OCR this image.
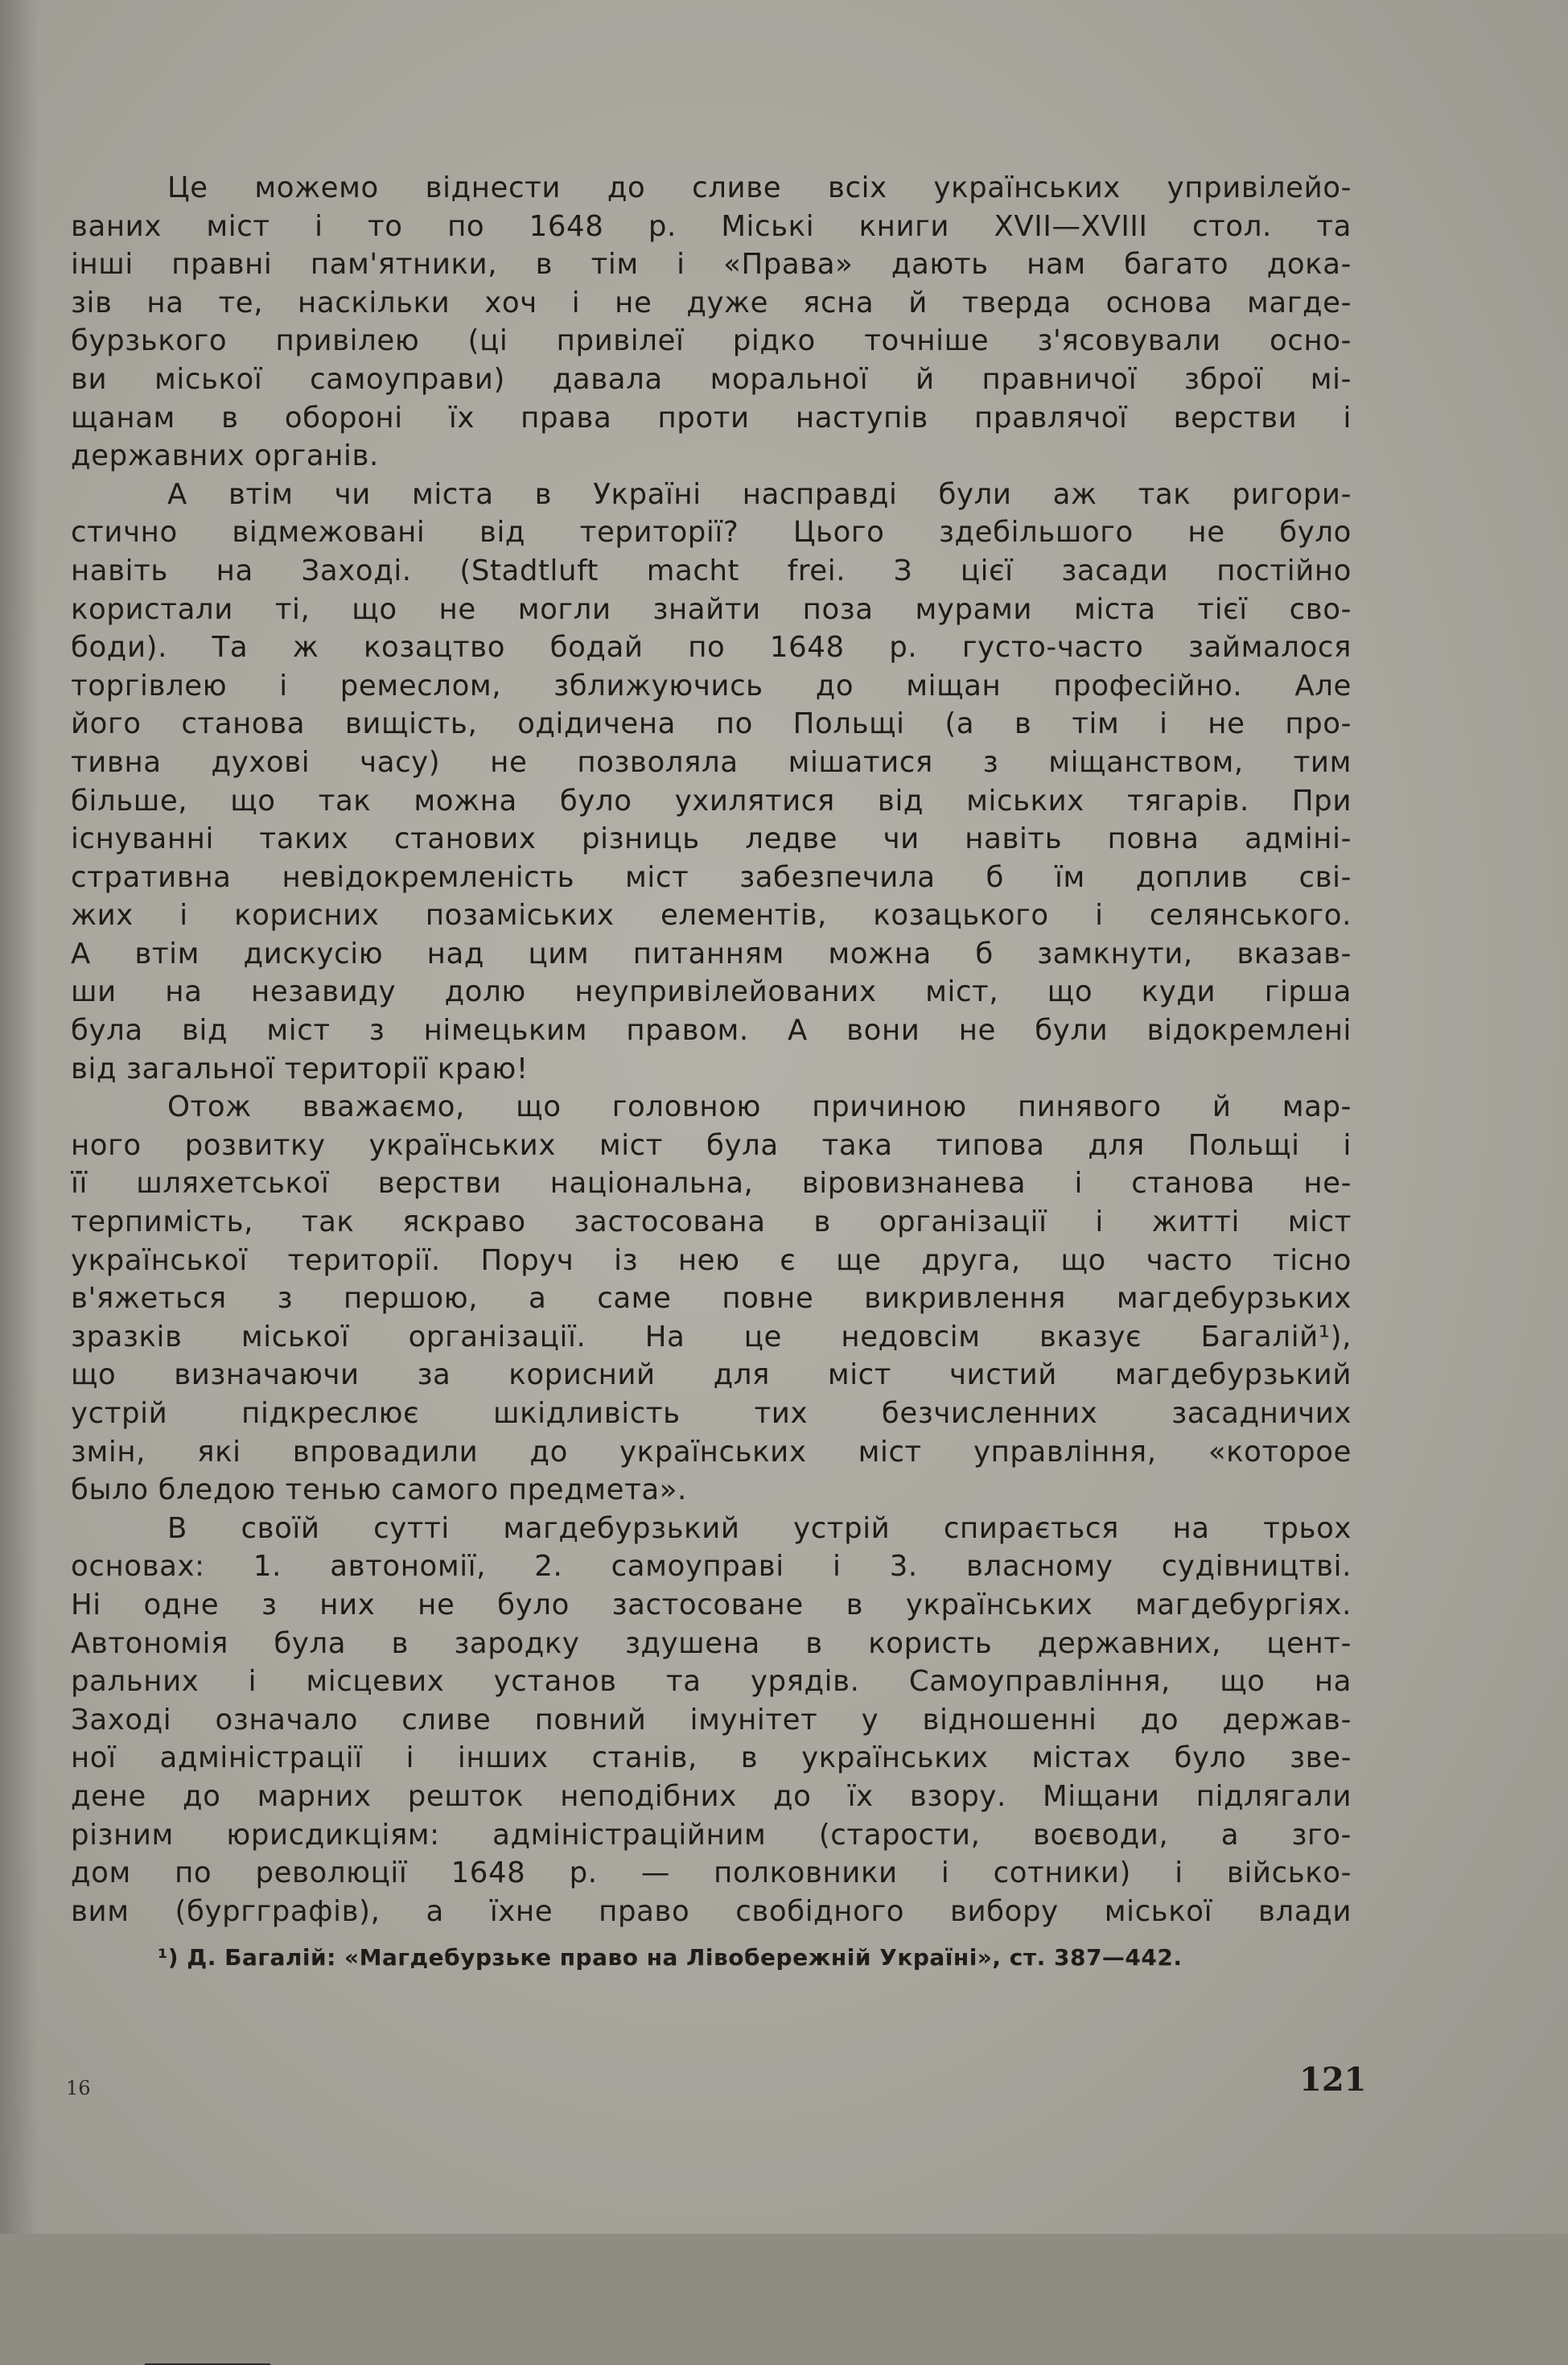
Це можемо віднести до сливе всіх українських упривілейо-
ваних міст і то по 1648 р. Міські книги XVII—XVIII стол. та
інші правні пам'ятники, в тім і «Права» дають нам багато дока-
зів на те, наскільки хоч і не дуже ясна й тверда основа магде-
бурзького привілею (ці привілеї рідко точніше з'ясовували осно-
ви міської самоуправи) давала моральної й правничої зброї мі-
щанам в обороні їх права проти наступів правлячої верстви і
державних органів.
А втім чи міста в Україні насправді були аж так ригори-
стично відмежовані від території? Цього здебільшого не було
навіть на Заході. (Stadtluft macht frei. З цієї засади постійно
користали ті, що не могли знайти поза мурами міста тієї сво-
боди). Та ж козацтво бодай по 1648 р. густо-часто займалося
торгівлею і ремеслом, зближуючись до міщан професійно. Але
його станова вищість, одідичена по Польщі (а в тім і не про-
тивна духові часу) не позволяла мішатися з міщанством, тим
більше, що так можна було ухилятися від міських тягарів. При
існуванні таких станових різниць ледве чи навіть повна адміні-
стративна невідокремленість міст забезпечила б їм доплив сві-
жих і корисних позаміських елементів, козацького і селянського.
А втім дискусію над цим питанням можна б замкнути, вказав-
ши на незавиду долю неупривілейованих міст, що куди гірша
була від міст з німецьким правом. А вони не були відокремлені
від загальної території краю!
Отож вважаємо, що головною причиною пинявого й мар-
ного розвитку українських міст була така типова для Польщі і
її шляхетської верстви національна, віровизнанева і станова не-
терпимість, так яскраво застосована в організації і житті міст
української території. Поруч із нею є ще друга, що часто тісно
в'яжеться з першою, а саме повне викривлення магдебурзьких
зразків міської організації. На це недовсім вказує Багалій¹),
що визначаючи за корисний для міст чистий магдебурзький
устрій підкреслює шкідливість тих безчисленних засадничих
змін, які впровадили до українських міст управління, «которое
было бледою тенью самого предмета».
В своїй сутті магдебурзький устрій спирається на трьох
основах: 1. автономії, 2. самоуправі і 3. власному судівництві.
Ні одне з них не було застосоване в українських магдебургіях.
Автономія була в зародку здушена в користь державних, цент-
ральних і місцевих установ та урядів. Самоуправління, що на
Заході означало сливе повний імунітет у відношенні до держав-
ної адміністрації і інших станів, в українських містах було зве-
дене до марних решток неподібних до їх взору. Міщани підлягали
різним юрисдикціям: адміністраційним (старости, воєводи, а зго-
дом по революції 1648 р. — полковники і сотники) і військо-
вим (бургграфів), а їхне право свобідного вибору міської влади
¹) Д. Багалій: «Магдебурзьке право на Лівобережній Україні», ст. 387—442.
16	121
